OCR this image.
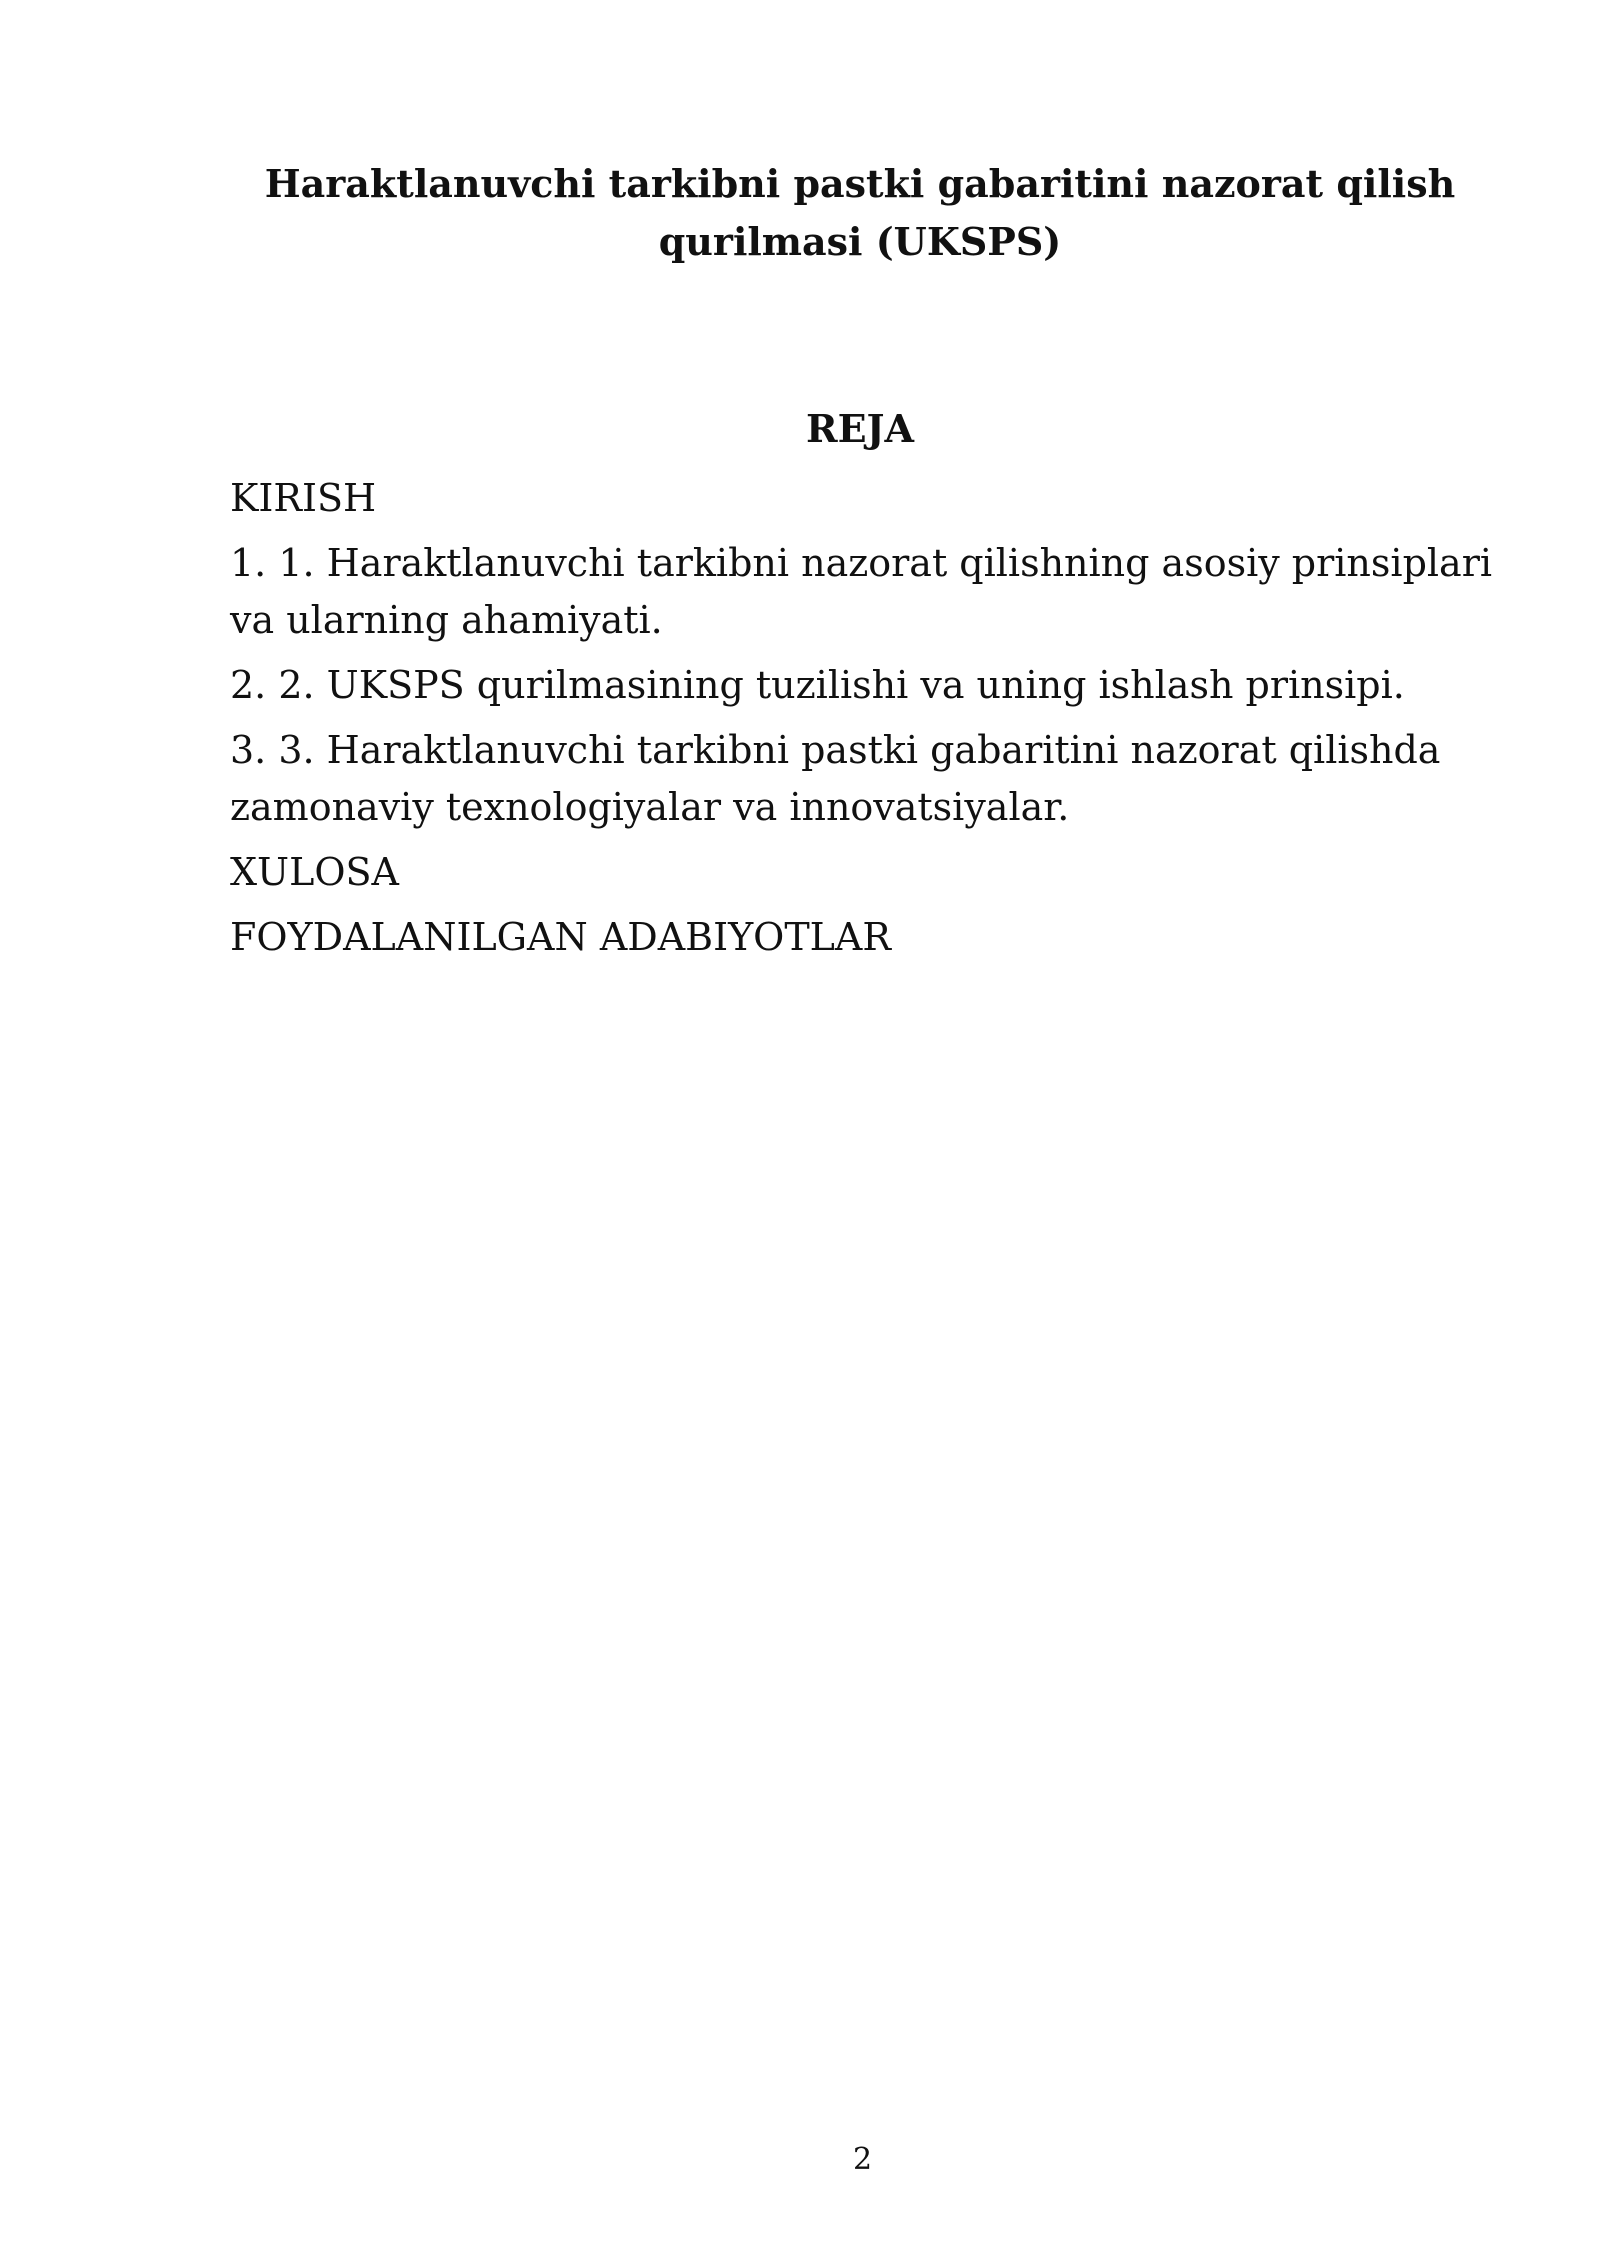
Haraktlanuvchi tarkibni pastki gabaritini nazorat qilish qurilmasi (UKSPS)
REJA
KIRISH
1. 1. Haraktlanuvchi tarkibni nazorat qilishning asosiy prinsiplari va ularning ahamiyati.
2. 2. UKSPS qurilmasining tuzilishi va uning ishlash prinsipi.
3. 3. Haraktlanuvchi tarkibni pastki gabaritini nazorat qilishda zamonaviy texnologiyalar va innovatsiyalar.
XULOSA
FOYDALANILGAN ADABIYOTLAR
2
